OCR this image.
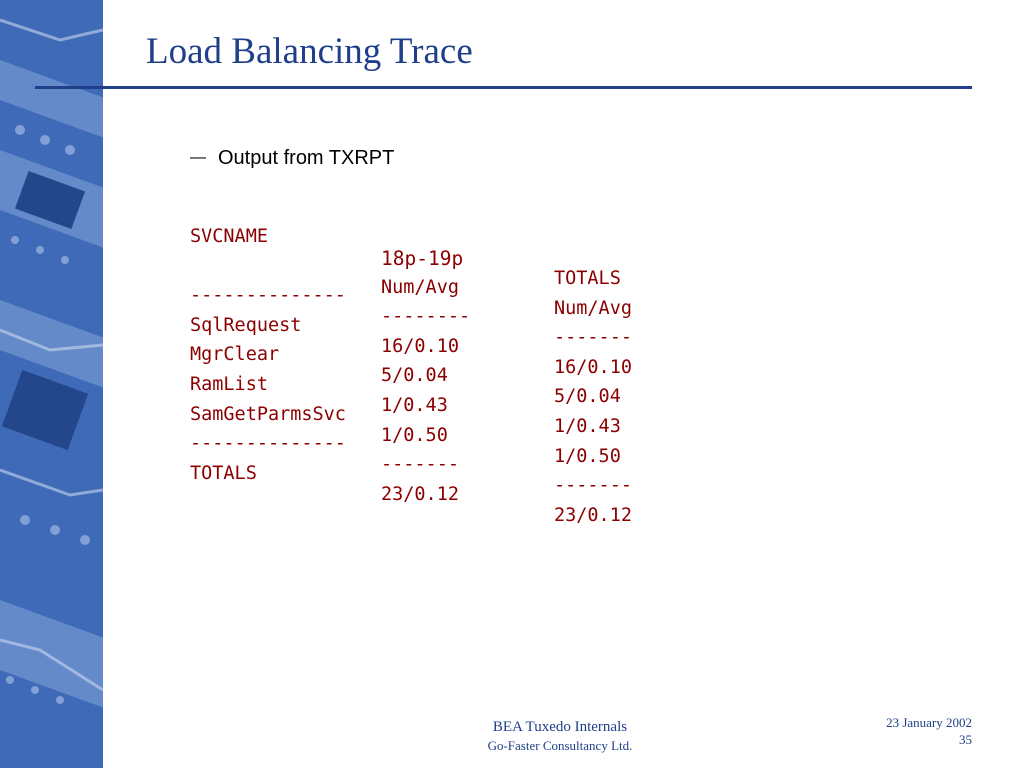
Load Balancing Trace
— Output from TXRPT

SVCNAME

18p-19p

TOTALS

Num/Avg

Num/Avg

--------------

--------

-------

SqlRequest

16/0.10

16/0.10

MgrClear

5/0.04

5/0.04

RamList

1/0.43

1/0.43

SamGetParmsSvc

1/0.50

1/0.50

--------------

-------

-------

TOTALS

23/0.12

23/0.12

BEA Tuxedo Internals
Go-Faster Consultancy Ltd.
23 January 2002
35
